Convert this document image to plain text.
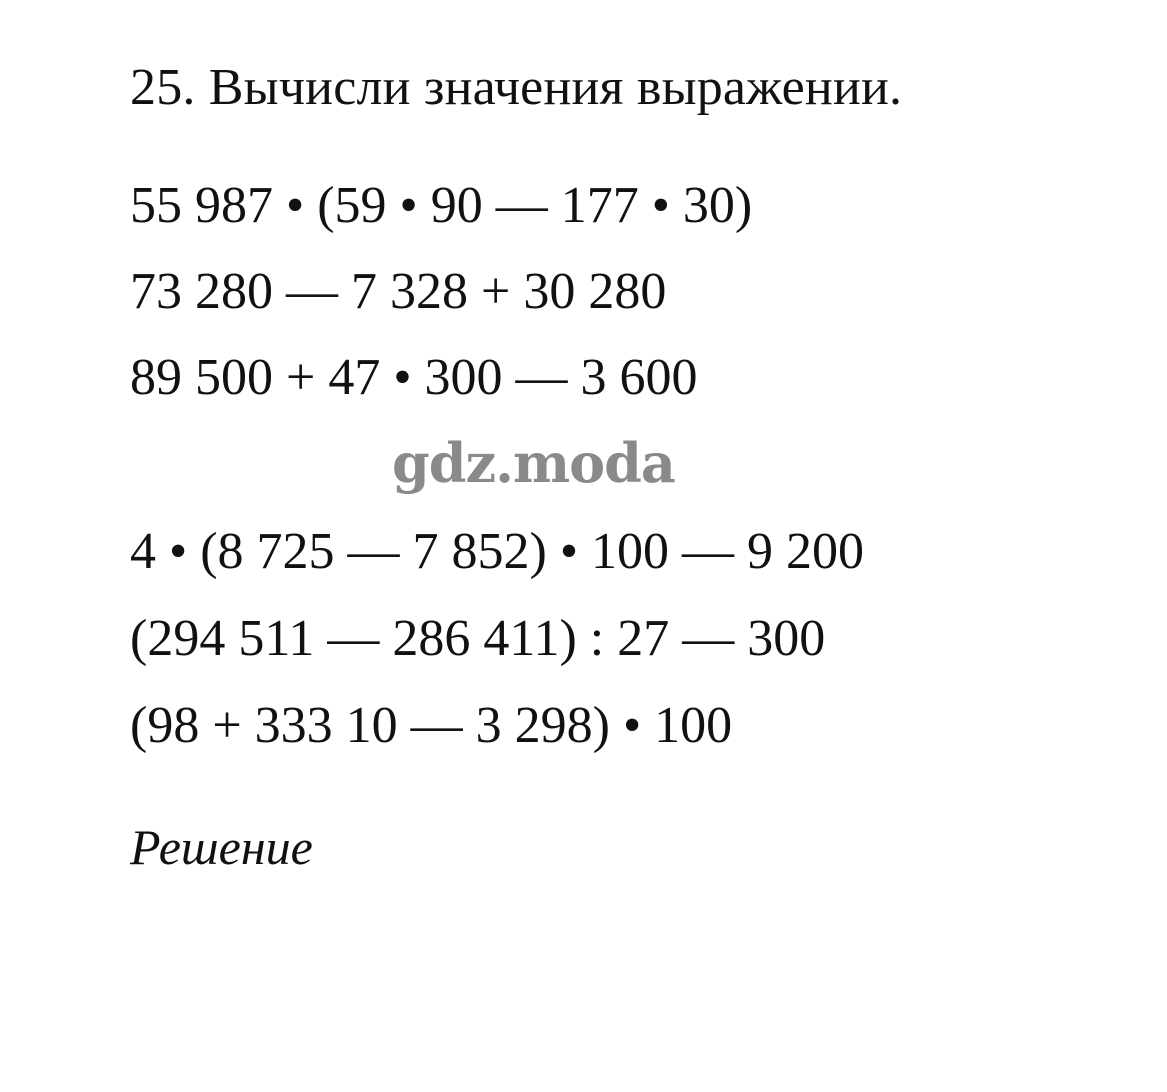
25. Вычисли значения выражении.
55 987 • (59 • 90 — 177 • 30)
73 280 — 7 328 + 30 280
89 500 + 47 • 300 — 3 600
gdz.moda
4 • (8 725 — 7 852) • 100 — 9 200
(294 511 — 286 411) : 27 — 300
(98 + 333 10 — 3 298) • 100
Решение
